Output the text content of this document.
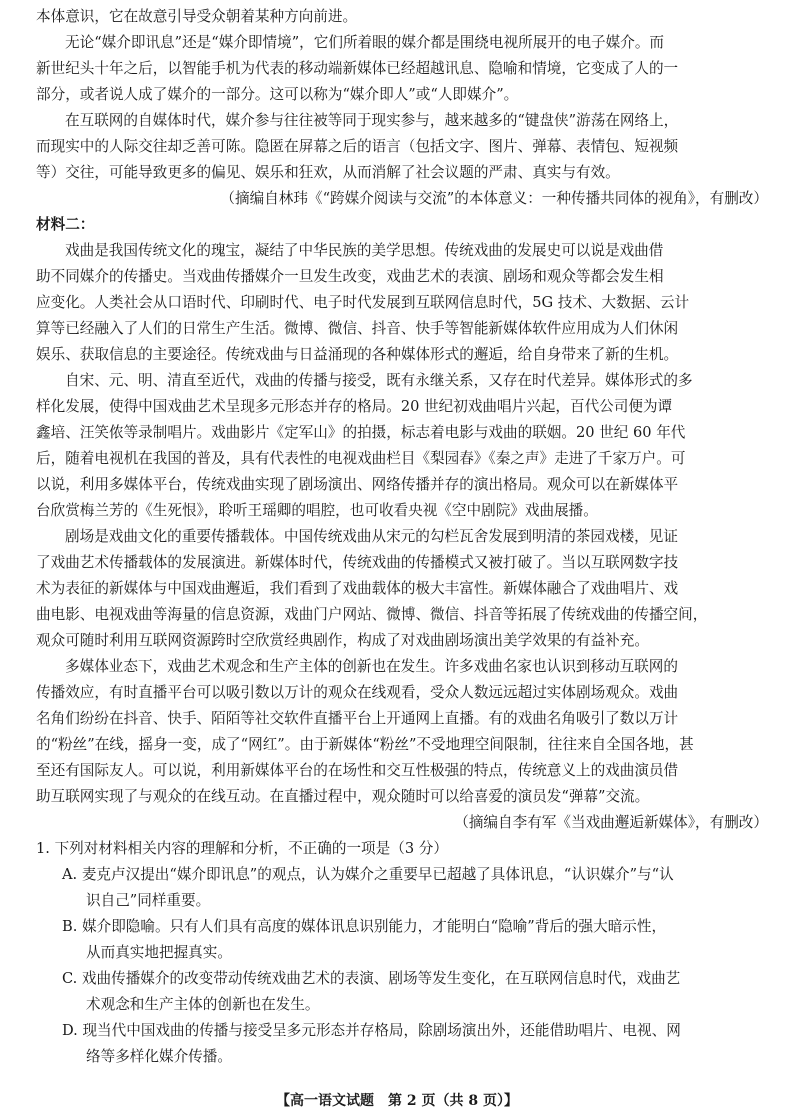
本体意识，它在故意引导受众朝着某种方向前进。
无论“媒介即讯息”还是“媒介即情境”，它们所着眼的媒介都是围绕电视所展开的电子媒介。而
新世纪头十年之后，以智能手机为代表的移动端新媒体已经超越讯息、隐喻和情境，它变成了人的一
部分，或者说人成了媒介的一部分。这可以称为“媒介即人”或“人即媒介”。
在互联网的自媒体时代，媒介参与往往被等同于现实参与，越来越多的“键盘侠”游荡在网络上，
而现实中的人际交往却乏善可陈。隐匿在屏幕之后的语言（包括文字、图片、弹幕、表情包、短视频
等）交往，可能导致更多的偏见、娱乐和狂欢，从而消解了社会议题的严肃、真实与有效。
（摘编自林玮《“跨媒介阅读与交流”的本体意义：一种传播共同体的视角》，有删改）
材料二：
戏曲是我国传统文化的瑰宝，凝结了中华民族的美学思想。传统戏曲的发展史可以说是戏曲借
助不同媒介的传播史。当戏曲传播媒介一旦发生改变，戏曲艺术的表演、剧场和观众等都会发生相
应变化。人类社会从口语时代、印刷时代、电子时代发展到互联网信息时代，5G 技术、大数据、云计
算等已经融入了人们的日常生产生活。微博、微信、抖音、快手等智能新媒体软件应用成为人们休闲
娱乐、获取信息的主要途径。传统戏曲与日益涌现的各种媒体形式的邂逅，给自身带来了新的生机。
自宋、元、明、清直至近代，戏曲的传播与接受，既有永继关系，又存在时代差异。媒体形式的多
样化发展，使得中国戏曲艺术呈现多元形态并存的格局。20 世纪初戏曲唱片兴起，百代公司便为谭
鑫培、汪笑侬等录制唱片。戏曲影片《定军山》的拍摄，标志着电影与戏曲的联姻。20 世纪 60 年代
后，随着电视机在我国的普及，具有代表性的电视戏曲栏目《梨园春》《秦之声》走进了千家万户。可
以说，利用多媒体平台，传统戏曲实现了剧场演出、网络传播并存的演出格局。观众可以在新媒体平
台欣赏梅兰芳的《生死恨》，聆听王瑶卿的唱腔，也可收看央视《空中剧院》戏曲展播。
剧场是戏曲文化的重要传播载体。中国传统戏曲从宋元的勾栏瓦舍发展到明清的茶园戏楼，见证
了戏曲艺术传播载体的发展演进。新媒体时代，传统戏曲的传播模式又被打破了。当以互联网数字技
术为表征的新媒体与中国戏曲邂逅，我们看到了戏曲载体的极大丰富性。新媒体融合了戏曲唱片、戏
曲电影、电视戏曲等海量的信息资源，戏曲门户网站、微博、微信、抖音等拓展了传统戏曲的传播空间，
观众可随时利用互联网资源跨时空欣赏经典剧作，构成了对戏曲剧场演出美学效果的有益补充。
多媒体业态下，戏曲艺术观念和生产主体的创新也在发生。许多戏曲名家也认识到移动互联网的
传播效应，有时直播平台可以吸引数以万计的观众在线观看，受众人数远远超过实体剧场观众。戏曲
名角们纷纷在抖音、快手、陌陌等社交软件直播平台上开通网上直播。有的戏曲名角吸引了数以万计
的“粉丝”在线，摇身一变，成了“网红”。由于新媒体“粉丝”不受地理空间限制，往往来自全国各地，甚
至还有国际友人。可以说，利用新媒体平台的在场性和交互性极强的特点，传统意义上的戏曲演员借
助互联网实现了与观众的在线互动。在直播过程中，观众随时可以给喜爱的演员发“弹幕”交流。
（摘编自李有军《当戏曲邂逅新媒体》，有删改）
1. 下列对材料相关内容的理解和分析，不正确的一项是（3 分）
A. 麦克卢汉提出“媒介即讯息”的观点，认为媒介之重要早已超越了具体讯息，“认识媒介”与“认
识自己”同样重要。
B. 媒介即隐喻。只有人们具有高度的媒体讯息识别能力，才能明白“隐喻”背后的强大暗示性，
从而真实地把握真实。
C. 戏曲传播媒介的改变带动传统戏曲艺术的表演、剧场等发生变化，在互联网信息时代，戏曲艺
术观念和生产主体的创新也在发生。
D. 现当代中国戏曲的传播与接受呈多元形态并存格局，除剧场演出外，还能借助唱片、电视、网
络等多样化媒介传播。
【高一语文试题　第 2 页（共 8 页）】
